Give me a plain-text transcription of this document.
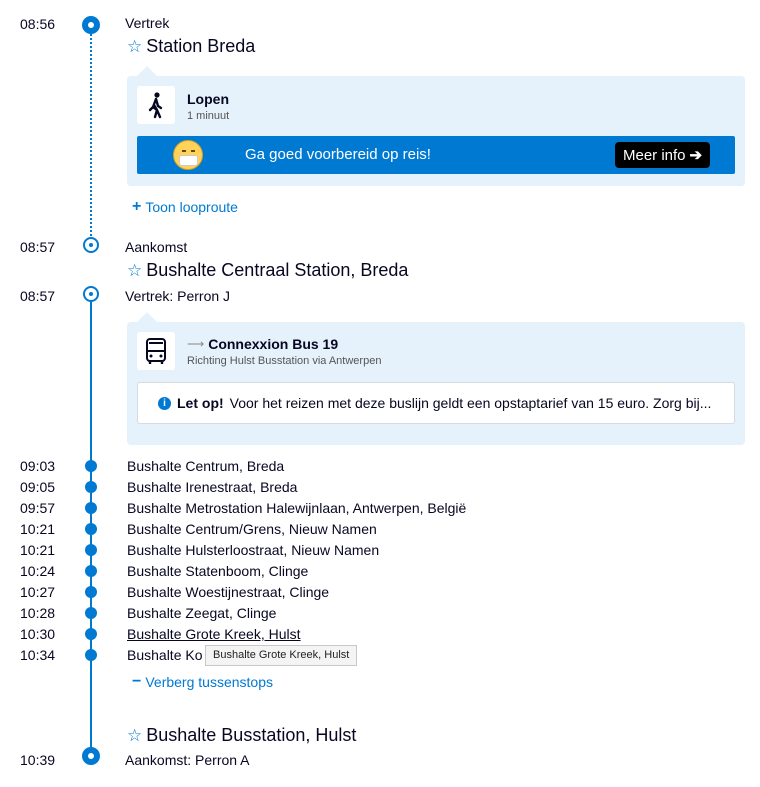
08:56	Vertrek
☆ Station Breda
Lopen
1 minuut
Ga goed voorbereid op reis!	Meer info ➔
+ Toon looproute
08:57	Aankomst
☆ Bushalte Centraal Station, Breda
08:57	Vertrek: Perron J
⟶ Connexxion Bus 19
Richting Hulst Busstation via Antwerpen
i Let op! Voor het reizen met deze buslijn geldt een opstaptarief van 15 euro. Zorg bij...
09:03	Bushalte Centrum, Breda
09:05	Bushalte Irenestraat, Breda
09:57	Bushalte Metrostation Halewijnlaan, Antwerpen, België
10:21	Bushalte Centrum/Grens, Nieuw Namen
10:21	Bushalte Hulsterloostraat, Nieuw Namen
10:24	Bushalte Statenboom, Clinge
10:27	Bushalte Woestijnestraat, Clinge
10:28	Bushalte Zeegat, Clinge
10:30	Bushalte Grote Kreek, Hulst
10:34	Bushalte Ko Bushalte Grote Kreek, Hulst
− Verberg tussenstops
☆ Bushalte Busstation, Hulst
10:39	Aankomst: Perron A
